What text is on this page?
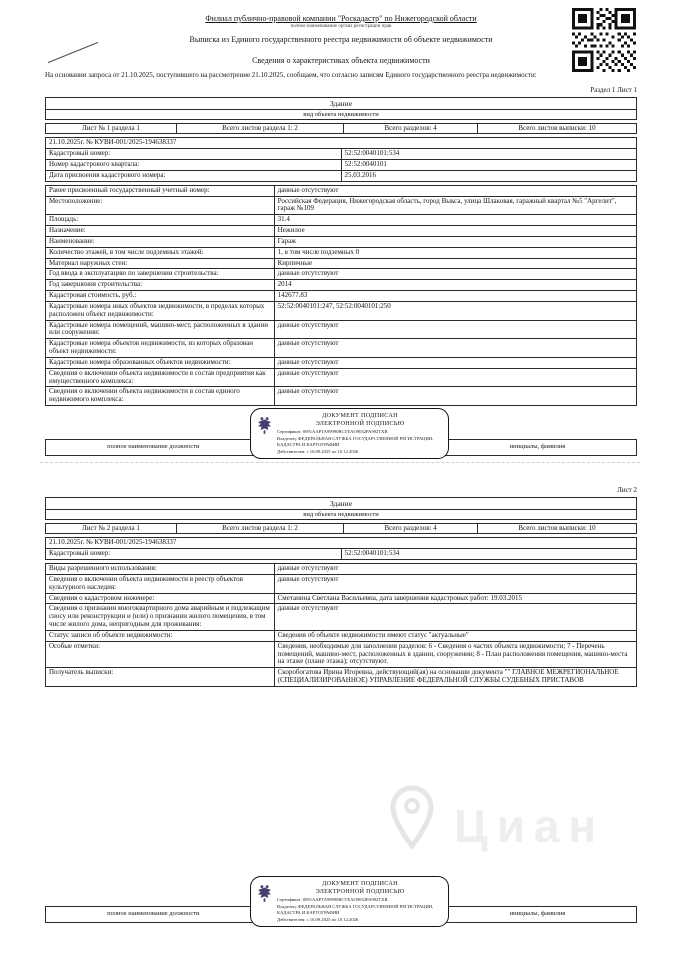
Филиал публично-правовой компании "Роскадастр" по Нижегородской области
полное наименование органа регистрации прав
Выписка из Единого государственного реестра недвижимости об объекте недвижимости
Сведения о характеристиках объекта недвижимости
На основании запроса от 21.10.2025, поступившего на рассмотрение 21.10.2025, сообщаем, что согласно записям Единого государственного реестра недвижимости:
Раздел 1 Лист 1
Здание
вид объекта недвижимости
Лист № 1 раздела 1	Всего листов раздела 1: 2	Всего разделов: 4	Всего листов выписки: 10
21.10.2025г. № КУВИ-001/2025-194638337	
Кадастровый номер:	52:52:0040101:534
Номер кадастрового квартала:	52:52:0040101
Дата присвоения кадастрового номера:	25.03.2016
Ранее присвоенный государственный учетный номер:	данные отсутствуют
Местоположение:	Российская Федерация, Нижегородская область, город Выкса, улица Шлаковая, гаражный квартал №5 "Аргелит", гараж №109
Площадь:	31.4
Назначение:	Нежилое
Наименование:	Гараж
Количество этажей, в том числе подземных этажей:	1, в том числе подземных 0
Материал наружных стен:	Кирпичные
Год ввода в эксплуатацию по завершении строительства:	данные отсутствуют
Год завершения строительства:	2014
Кадастровая стоимость, руб.:	142677.83
Кадастровые номера иных объектов недвижимости, в пределах которых расположен объект недвижимости:	52:52:0040101:247, 52:52:0040101:250
Кадастровые номера помещений, машино-мест, расположенных в здании или сооружении:	данные отсутствуют
Кадастровые номера объектов недвижимости, из которых образован объект недвижимости:	данные отсутствуют
Кадастровые номера образованных объектов недвижимости:	данные отсутствуют
Сведения о включении объекта недвижимости в состав предприятия как имущественного комплекса:	данные отсутствуют
Сведения о включении объекта недвижимости в состав единого недвижимого комплекса:	данные отсутствуют
полное наименование должности	инициалы, фамилия
ДОКУМЕНТ ПОДПИСАН
ЭЛЕКТРОННОЙ ПОДПИСЬЮ
Сертификат: 0091AAPTA99990BCTEAO9032PA992TXB
Владелец: ФЕДЕРАЛЬНАЯ СЛУЖБА ГОСУДАРСТВЕННОЙ РЕГИСТРАЦИИ, КАДАСТРА И КАРТОГРАФИИ
Действителен: с 16.09.2025 по 10.12.2026
Лист 2
Здание
вид объекта недвижимости
Лист № 2 раздела 1	Всего листов раздела 1: 2	Всего разделов: 4	Всего листов выписки: 10
21.10.2025г. № КУВИ-001/2025-194638337
Кадастровый номер:	52:52:0040101:534
Виды разрешенного использования:	данные отсутствуют
Сведения о включении объекта недвижимости в реестр объектов культурного наследия:	данные отсутствуют
Сведения о кадастровом инженере:	Сметанина Светлана Васильевна, дата завершения кадастровых работ: 19.03.2015
Сведения о признании многоквартирного дома аварийным и подлежащим сносу или реконструкции и (или) о признании жилого помещения, в том числе жилого дома, непригодным для проживания:	данные отсутствуют
Статус записи об объекте недвижимости:	Сведения об объекте недвижимости имеют статус "актуальные"
Особые отметки:	Сведения, необходимые для заполнения разделов: 6 - Сведения о частях объекта недвижимости; 7 - Перечень помещений, машино-мест, расположенных в здании, сооружении; 8 - План расположения помещения, машино-места на этаже (плане этажа); отсутствуют.
Получатель выписки:	Скоробогатова Ирина Игоревна, действующий(ая) на основании документа "" ГЛАВНОЕ МЕЖРЕГИОНАЛЬНОЕ (СПЕЦИАЛИЗИРОВАННОЕ) УПРАВЛЕНИЕ ФЕДЕРАЛЬНОЙ СЛУЖБЫ СУДЕБНЫХ ПРИСТАВОВ
Циан
полное наименование должности	инициалы, фамилия
ДОКУМЕНТ ПОДПИСАН
ЭЛЕКТРОННОЙ ПОДПИСЬЮ
Сертификат: 0091AAPTA99990BCTEAO9032PA992TXB
Владелец: ФЕДЕРАЛЬНАЯ СЛУЖБА ГОСУДАРСТВЕННОЙ РЕГИСТРАЦИИ, КАДАСТРА И КАРТОГРАФИИ
Действителен: с 16.09.2025 по 10.12.2026
